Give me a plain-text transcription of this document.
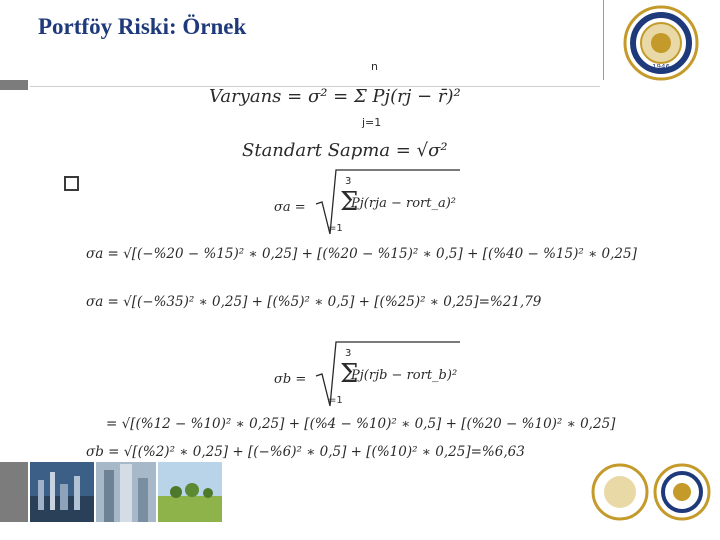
Portföy Riski: Örnek
1946
Varyans = σ² = Σ Pj(rj − r̄)²
n
j=1
Standart Sapma = √σ²
σa = Σ
3
=1
Pj(rja − rort_a)²
σa = √[(−%20 − %15)² ∗ 0,25] + [(%20 − %15)² ∗ 0,5] + [(%40 − %15)² ∗ 0,25]
σa = √[(−%35)² ∗ 0,25] + [(%5)² ∗ 0,5] + [(%25)² ∗ 0,25]=%21,79
σb = Σ
3
=1
Pj(rjb − rort_b)²
= √[(%12 − %10)² ∗ 0,25] + [(%4 − %10)² ∗ 0,5] + [(%20 − %10)² ∗ 0,25]
σb = √[(%2)² ∗ 0,25] + [(−%6)² ∗ 0,5] + [(%10)² ∗ 0,25]=%6,63
IVSC	RICS
